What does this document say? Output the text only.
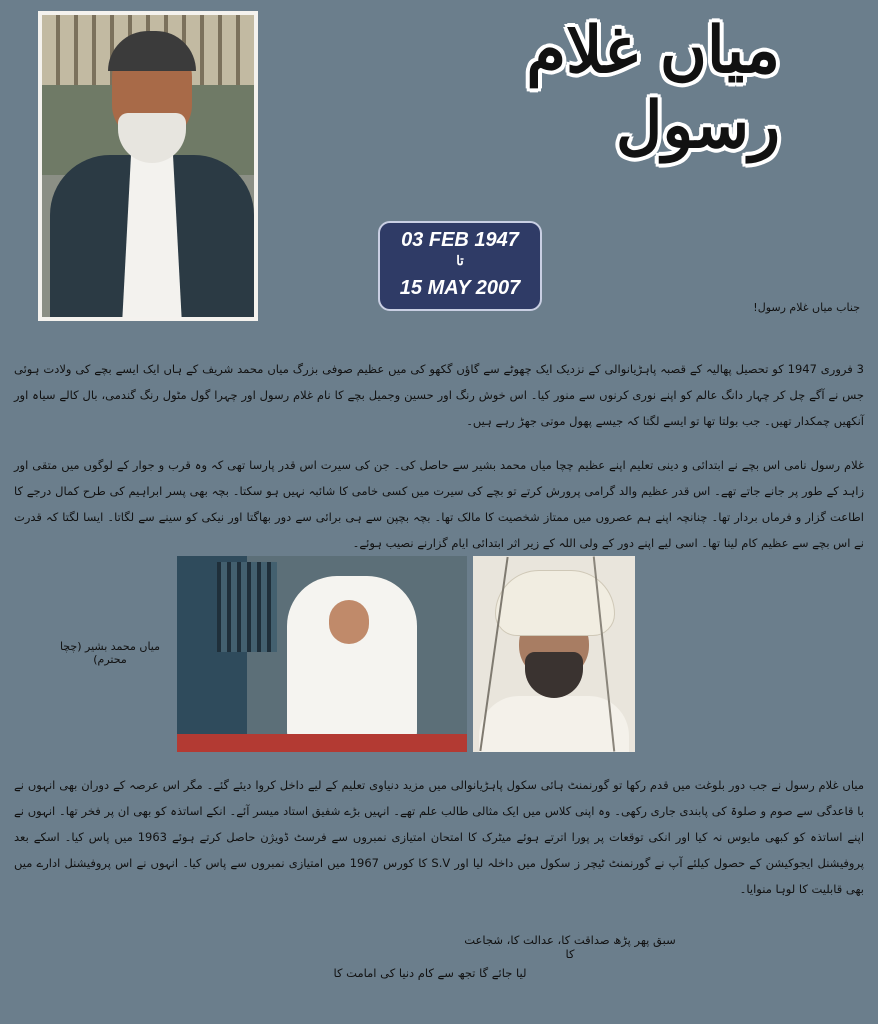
میاں غلام رسول
03 FEB 1947
تا
15 MAY 2007
جناب میاں غلام رسول!
3 فروری 1947 کو تحصیل پھالیہ کے قصبہ پاہڑیانوالی کے نزدیک ایک چھوٹے سے گاؤں گکھو کی میں عظیم صوفی بزرگ میاں محمد شریف کے ہاں ایک ایسے بچے کی ولادت ہوئی جس نے آگے چل کر چہار دانگ عالم کو اپنے نوری کرنوں سے منور کیا۔ اس خوش رنگ اور حسین وجمیل بچے کا نام غلام رسول اور چہرا گول مٹول رنگ گندمی، بال کالے سیاہ اور آنکھیں چمکدار تھیں۔ جب بولتا تھا تو ایسے لگتا کہ جیسے پھول موتی جھڑ رہے ہیں۔
غلام رسول نامی اس بچے نے ابتدائی و دینی تعلیم اپنے عظیم چچا میاں محمد بشیر سے حاصل کی۔ جن کی سیرت اس قدر پارسا تھی کہ وہ قرب و جوار کے لوگوں میں متقی اور زاہد کے طور پر جانے جاتے تھے۔ اس قدر عظیم والد گرامی پرورش کرتے تو بچے کی سیرت میں کسی خامی کا شائبہ نہیں ہو سکتا۔ بچہ بھی پسر ابراہیم کی طرح کمال درجے کا اطاعت گزار و فرماں بردار تھا۔ چنانچہ اپنے ہم عصروں میں ممتاز شخصیت کا مالک تھا۔ بچہ بچپن سے ہی برائی سے دور بھاگتا اور نیکی کو سینے سے لگاتا۔ ایسا لگتا کہ قدرت نے اس بچے سے عظیم کام لینا تھا۔ اسی لیے اپنے دور کے ولی اللہ کے زیر اثر ابتدائی ایام گزارنے نصیب ہوئے۔
میاں محمد بشیر (چچا محترم)
میاں غلام رسول نے جب دور بلوغت میں قدم رکھا تو گورنمنٹ ہائی سکول پاہڑیانوالی میں مزید دنیاوی تعلیم کے لیے داخل کروا دیئے گئے۔ مگر اس عرصہ کے دوران بھی انہوں نے با قاعدگی سے صوم و صلوۃ کی پابندی جاری رکھی۔ وہ اپنی کلاس میں ایک مثالی طالب علم تھے۔ انہیں بڑے شفیق استاد میسر آئے۔ انکے اساتذہ کو بھی ان پر فخر تھا۔ انہوں نے اپنے اساتذہ کو کبھی مایوس نہ کیا اور انکی توقعات پر پورا اترتے ہوئے میٹرک کا امتحان امتیازی نمبروں سے فرسٹ ڈویژن حاصل کرتے ہوئے 1963 میں پاس کیا۔ اسکے بعد پروفیشنل ایجوکیشن کے حصول کیلئے آپ نے گورنمنٹ ٹیچر ز سکول میں داخلہ لیا اور S.V کا کورس 1967 میں امتیازی نمبروں سے پاس کیا۔ انہوں نے اس پروفیشنل ادارے میں بھی قابلیت کا لوہا منوایا۔
سبق پھر پڑھ صداقت کا، عدالت کا، شجاعت کا
لیا جائے گا تجھ سے کام دنیا کی امامت کا
